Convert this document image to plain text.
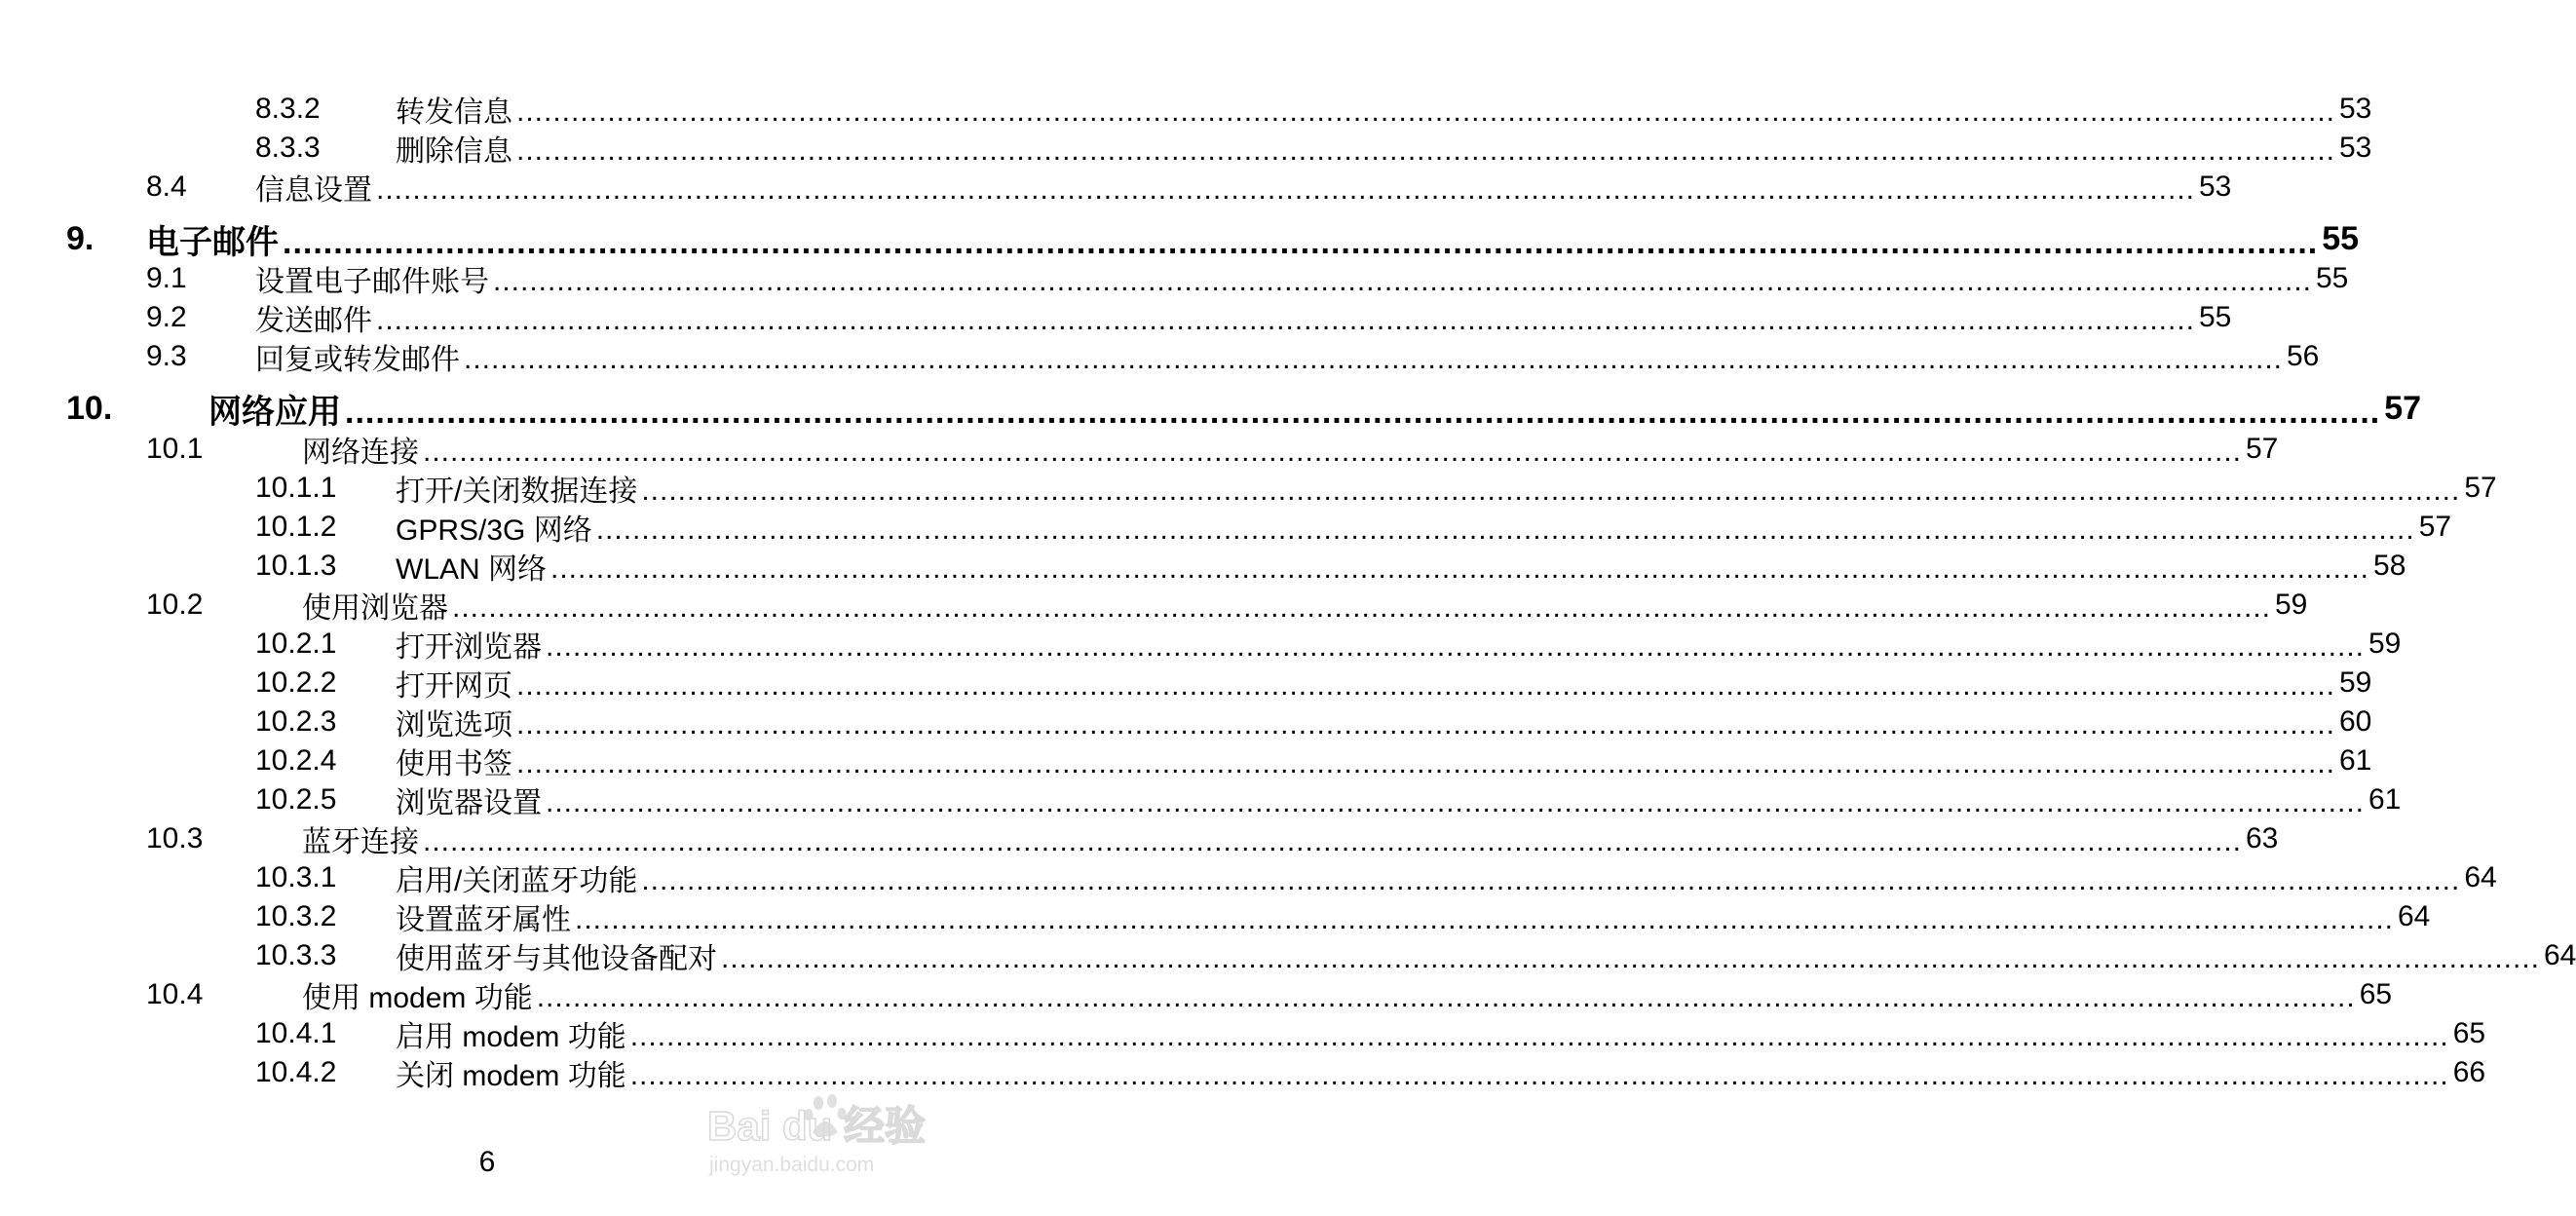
8.3.2	转发信息 ........................................................................................................................................................................................................ 53
8.3.3	删除信息 ........................................................................................................................................................................................................ 53
8.4	信息设置 ........................................................................................................................................................................................................ 53
9.	电子邮件 ........................................................................................................................................................................................................ 55
9.1	设置电子邮件账号 ........................................................................................................................................................................................................ 55
9.2	发送邮件 ........................................................................................................................................................................................................ 55
9.3	回复或转发邮件 ........................................................................................................................................................................................................ 56
10.	网络应用 ........................................................................................................................................................................................................ 57
10.1	网络连接 ........................................................................................................................................................................................................ 57
10.1.1	打开/关闭数据连接 ........................................................................................................................................................................................................ 57
10.1.2	GPRS/3G 网络 ........................................................................................................................................................................................................ 57
10.1.3	WLAN 网络 ........................................................................................................................................................................................................ 58
10.2	使用浏览器 ........................................................................................................................................................................................................ 59
10.2.1	打开浏览器 ........................................................................................................................................................................................................ 59
10.2.2	打开网页 ........................................................................................................................................................................................................ 59
10.2.3	浏览选项 ........................................................................................................................................................................................................ 60
10.2.4	使用书签 ........................................................................................................................................................................................................ 61
10.2.5	浏览器设置 ........................................................................................................................................................................................................ 61
10.3	蓝牙连接 ........................................................................................................................................................................................................ 63
10.3.1	启用/关闭蓝牙功能 ........................................................................................................................................................................................................ 64
10.3.2	设置蓝牙属性 ........................................................................................................................................................................................................ 64
10.3.3	使用蓝牙与其他设备配对 ........................................................................................................................................................................................................ 64
10.4	使用 modem 功能 ........................................................................................................................................................................................................ 65
10.4.1	启用 modem 功能 ........................................................................................................................................................................................................ 65
10.4.2	关闭 modem 功能 ........................................................................................................................................................................................................ 66
6
Bai du 经验
jingyan.baidu.com
